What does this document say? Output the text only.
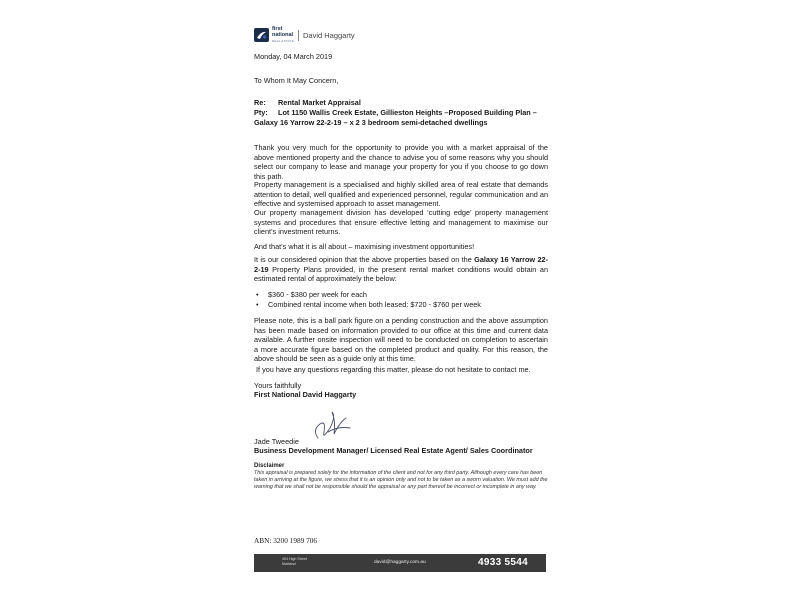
first
national
REAL ESTATE
David Haggarty
Monday, 04 March 2019
To Whom It May Concern,
Re: Rental Market Appraisal
Pty: Lot 1150 Wallis Creek Estate, Gillieston Heights –Proposed Building Plan –
Galaxy 16 Yarrow 22-2-19 – x 2 3 bedroom semi-detached dwellings
Thank you very much for the opportunity to provide you with a market appraisal of the above mentioned property and the chance to advise you of some reasons why you should select our company to lease and manage your property for you if you choose to go down this path.
Property management is a specialised and highly skilled area of real estate that demands attention to detail, well qualified and experienced personnel, regular communication and an effective and systemised approach to asset management.
Our property management division has developed ‘cutting edge’ property management systems and procedures that ensure effective letting and management to maximise our client’s investment returns.
And that’s what it is all about – maximising investment opportunities!
It is our considered opinion that the above properties based on the Galaxy 16 Yarrow 22-2-19 Property Plans provided, in the present rental market conditions would obtain an estimated rental of approximately the below:
• $360 - $380 per week for each
• Combined rental income when both leased: $720 - $760 per week
Please note, this is a ball park figure on a pending construction and the above assumption has been made based on information provided to our office at this time and current data available. A further onsite inspection will need to be conducted on completion to ascertain a more accurate figure based on the completed product and quality. For this reason, the above should be seen as a guide only at this time.
If you have any questions regarding this matter, please do not hesitate to contact me.
Yours faithfully
First National David Haggarty
Jade Tweedie
Business Development Manager/ Licensed Real Estate Agent/ Sales Coordinator
Disclaimer
This appraisal is prepared solely for the information of the client and not for any third party. Although every care has been taken in arriving at the figure, we stress that it is an opinion only and not to be taken as a sworn valuation. We must add the warning that we shall not be responsible should the appraisal or any part thereof be incorrect or incomplete in any way.
ABN: 3200 1989 706
454 High Street
Maitland	david@haggarty.com.au	4933 5544
